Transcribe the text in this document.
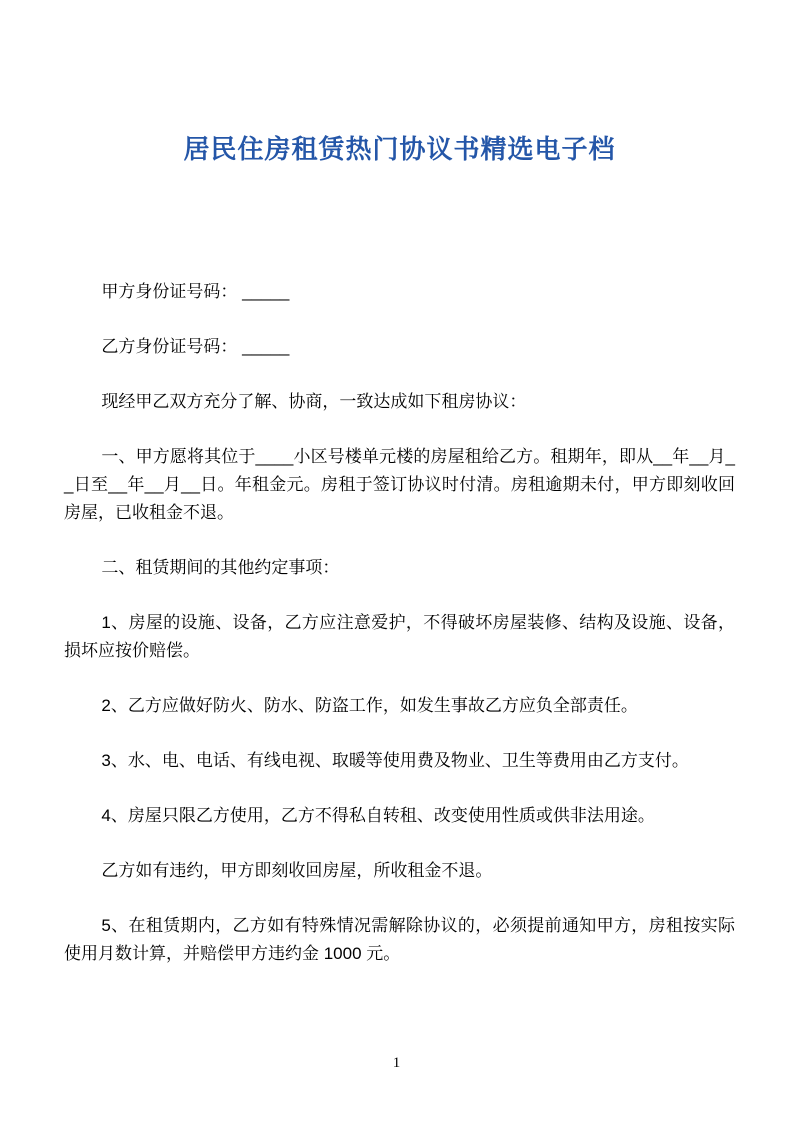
居民住房租赁热门协议书精选电子档

甲方身份证号码： _____

乙方身份证号码： _____

现经甲乙双方充分了解、协商，一致达成如下租房协议：

一、甲方愿将其位于____小区号楼单元楼的房屋租给乙方。租期年，即从__年__月__日至__年__月__日。年租金元。房租于签订协议时付清。房租逾期未付，甲方即刻收回房屋，已收租金不退。

二、租赁期间的其他约定事项：

1、房屋的设施、设备，乙方应注意爱护，不得破坏房屋装修、结构及设施、设备，损坏应按价赔偿。

2、乙方应做好防火、防水、防盗工作，如发生事故乙方应负全部责任。

3、水、电、电话、有线电视、取暖等使用费及物业、卫生等费用由乙方支付。

4、房屋只限乙方使用，乙方不得私自转租、改变使用性质或供非法用途。

乙方如有违约，甲方即刻收回房屋，所收租金不退。

5、在租赁期内，乙方如有特殊情况需解除协议的，必须提前通知甲方，房租按实际使用月数计算，并赔偿甲方违约金 1000 元。

1
